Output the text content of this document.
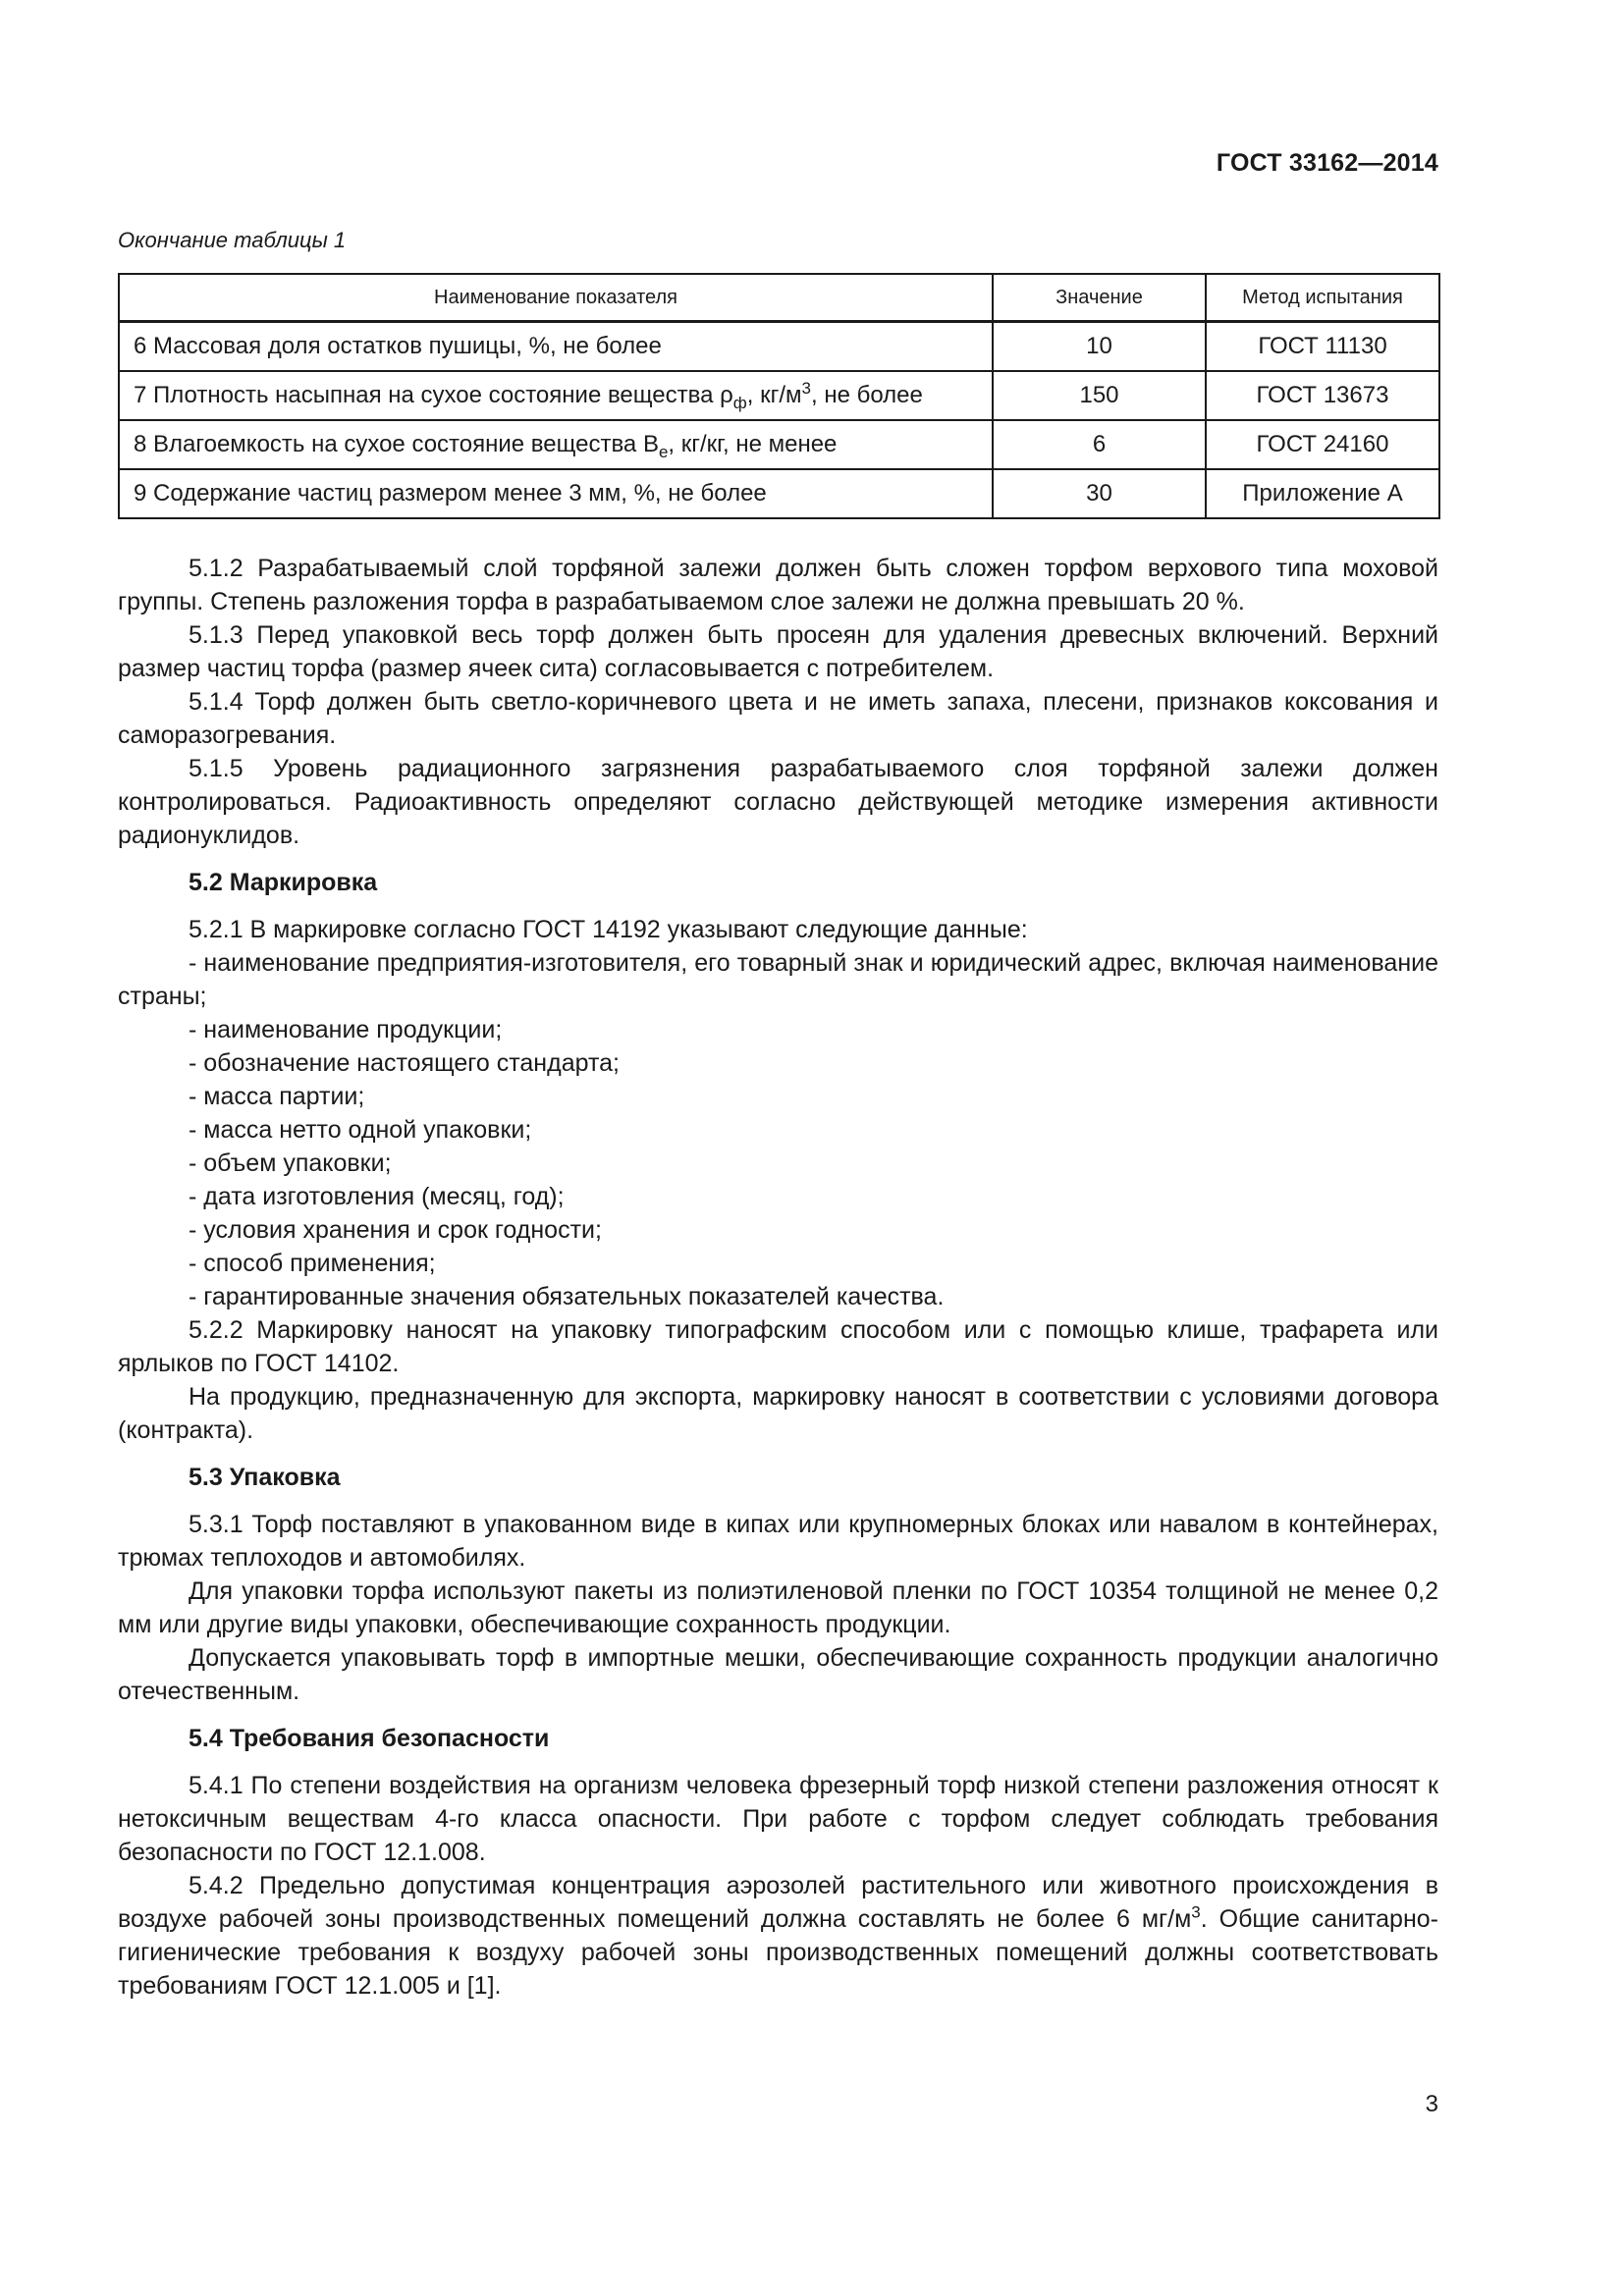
ГОСТ 33162—2014
Окончание таблицы 1
Наименование показателя	Значение	Метод испытания
6 Массовая доля остатков пушицы, %, не более	10	ГОСТ 11130
7 Плотность насыпная на сухое состояние вещества $\rho_ф$, $кг/м^3$, не более	150	ГОСТ 13673
8 Влагоемкость на сухое состояние вещества $В_е$, кг/кг, не менее	6	ГОСТ 24160
9 Содержание частиц размером менее 3 мм, %, не более	30	Приложение А

5.1.2 Разрабатываемый слой торфяной залежи должен быть сложен торфом верхового типа моховой группы. Степень разложения торфа в разрабатываемом слое залежи не должна превышать 20 %.

5.1.3 Перед упаковкой весь торф должен быть просеян для удаления древесных включений. Верхний размер частиц торфа (размер ячеек сита) согласовывается с потребителем.

5.1.4 Торф должен быть светло-коричневого цвета и не иметь запаха, плесени, признаков коксования и саморазогревания.

5.1.5 Уровень радиационного загрязнения разрабатываемого слоя торфяной залежи должен контролироваться. Радиоактивность определяют согласно действующей методике измерения активности радионуклидов.

5.2 Маркировка

5.2.1 В маркировке согласно ГОСТ 14192 указывают следующие данные:

- наименование предприятия-изготовителя, его товарный знак и юридический адрес, включая наименование страны;

- наименование продукции;

- обозначение настоящего стандарта;

- масса партии;

- масса нетто одной упаковки;

- объем упаковки;

- дата изготовления (месяц, год);

- условия хранения и срок годности;

- способ применения;

- гарантированные значения обязательных показателей качества.

5.2.2 Маркировку наносят на упаковку типографским способом или с помощью клише, трафарета или ярлыков по ГОСТ 14102.

На продукцию, предназначенную для экспорта, маркировку наносят в соответствии с условиями договора (контракта).

5.3 Упаковка

5.3.1 Торф поставляют в упакованном виде в кипах или крупномерных блоках или навалом в контейнерах, трюмах теплоходов и автомобилях.

Для упаковки торфа используют пакеты из полиэтиленовой пленки по ГОСТ 10354 толщиной не менее 0,2 мм или другие виды упаковки, обеспечивающие сохранность продукции.

Допускается упаковывать торф в импортные мешки, обеспечивающие сохранность продукции аналогично отечественным.

5.4 Требования безопасности

5.4.1 По степени воздействия на организм человека фрезерный торф низкой степени разложения относят к нетоксичным веществам 4-го класса опасности. При работе с торфом следует соблюдать требования безопасности по ГОСТ 12.1.008.

5.4.2 Предельно допустимая концентрация аэрозолей растительного или животного происхождения в воздухе рабочей зоны производственных помещений должна составлять не более 6 $мг/м^3$. Общие санитарно-гигиенические требования к воздуху рабочей зоны производственных помещений должны соответствовать требованиям ГОСТ 12.1.005 и [1].

3
